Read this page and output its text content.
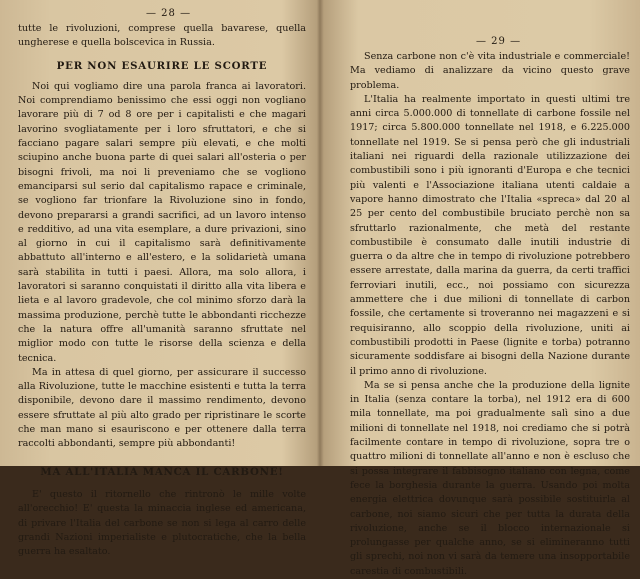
— 28 —

tutte le rivoluzioni, comprese quella bavarese, quella ungherese e quella bolscevica in Russia.

PER NON ESAURIRE LE SCORTE

Noi qui vogliamo dire una parola franca ai lavoratori. Noi comprendiamo benissimo che essi oggi non vogliano lavorare più di 7 od 8 ore per i capitalisti e che magari lavorino svogliatamente per i loro sfruttatori, e che si facciano pagare salari sempre più elevati, e che molti sciupino anche buona parte di quei salari all'osteria o per bisogni frivoli, ma noi li preveniamo che se vogliono emanciparsi sul serio dal capitalismo rapace e criminale, se vogliono far trionfare la Rivoluzione sino in fondo, devono prepararsi a grandi sacrifici, ad un lavoro intenso e redditivo, ad una vita esemplare, a dure privazioni, sino al giorno in cui il capitalismo sarà definitivamente abbattuto all'interno e all'estero, e la solidarietà umana sarà stabilita in tutti i paesi. Allora, ma solo allora, i lavoratori si saranno conquistati il diritto alla vita libera e lieta e al lavoro gradevole, che col minimo sforzo darà la massima produzione, perchè tutte le abbondanti ricchezze che la natura offre all'umanità saranno sfruttate nel miglior modo con tutte le risorse della scienza e della tecnica.

Ma in attesa di quel giorno, per assicurare il successo alla Rivoluzione, tutte le macchine esistenti e tutta la terra disponibile, devono dare il massimo rendimento, devono essere sfruttate al più alto grado per ripristinare le scorte che man mano si esauriscono e per ottenere dalla terra raccolti abbondanti, sempre più abbondanti!

MA ALL'ITALIA MANCA IL CARBONE!

E' questo il ritornello che rintronò le mille volte all'orecchio! E' questa la minaccia inglese ed americana, di privare l'Italia del carbone se non si lega al carro delle grandi Nazioni imperialiste e plutocratiche, che la bella guerra ha esaltato.

— 29 —

Senza carbone non c'è vita industriale e commerciale! Ma vediamo di analizzare da vicino questo grave problema.

L'Italia ha realmente importato in questi ultimi tre anni circa 5.000.000 di tonnellate di carbone fossile nel 1917; circa 5.800.000 tonnellate nel 1918, e 6.225.000 tonnellate nel 1919. Se si pensa però che gli industriali italiani nei riguardi della razionale utilizzazione dei combustibili sono i più ignoranti d'Europa e che tecnici più valenti e l'Associazione italiana utenti caldaie a vapore hanno dimostrato che l'Italia «spreca» dal 20 al 25 per cento del combustibile bruciato perchè non sa sfruttarlo razionalmente, che metà del restante combustibile è consumato dalle inutili industrie di guerra o da altre che in tempo di rivoluzione potrebbero essere arrestate, dalla marina da guerra, da certi traffici ferroviari inutili, ecc., noi possiamo con sicurezza ammettere che i due milioni di tonnellate di carbon fossile, che certamente si troveranno nei magazzeni e si requisiranno, allo scoppio della rivoluzione, uniti ai combustibili prodotti in Paese (lignite e torba) potranno sicuramente soddisfare ai bisogni della Nazione durante il primo anno di rivoluzione.

Ma se si pensa anche che la produzione della lignite in Italia (senza contare la torba), nel 1912 era di 600 mila tonnellate, ma poi gradualmente salì sino a due milioni di tonnellate nel 1918, noi crediamo che si potrà facilmente contare in tempo di rivoluzione, sopra tre o quattro milioni di tonnellate all'anno e non è escluso che si possa integrare il fabbisogno italiano con legna, come fece la borghesia durante la guerra. Usando poi molta energia elettrica dovunque sarà possibile sostituirla al carbone, noi siamo sicuri che per tutta la durata della rivoluzione, anche se il blocco internazionale si prolungasse per qualche anno, se si elimineranno tutti gli sprechi, noi non vi sarà da temere una insopportabile carestia di combustibili.
